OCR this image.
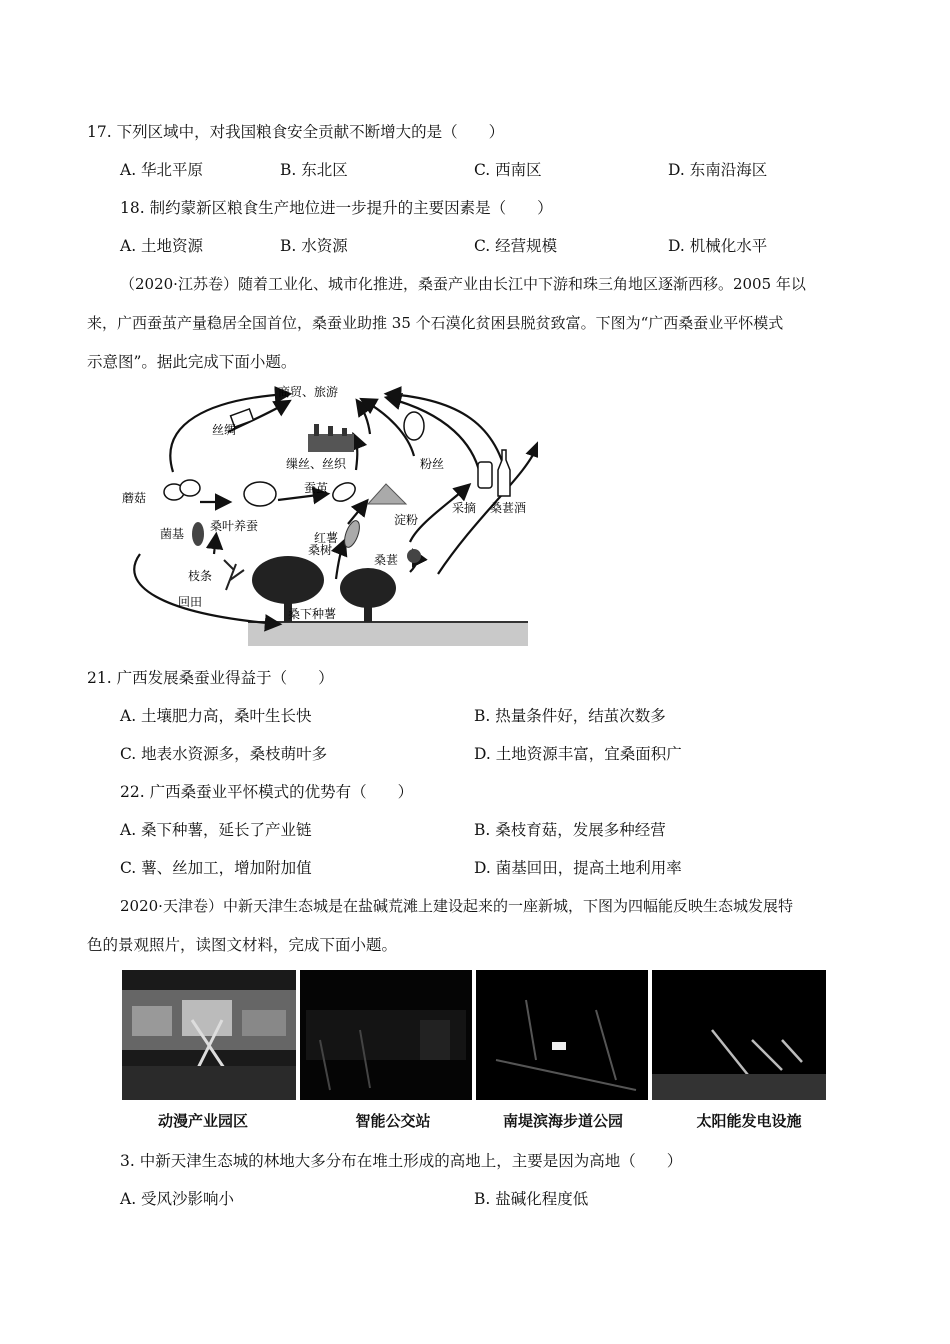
17. 下列区域中，对我国粮食安全贡献不断增大的是（　　）
A. 华北平原	B. 东北区	C. 西南区	D. 东南沿海区
18. 制约蒙新区粮食生产地位进一步提升的主要因素是（　　）
A. 土地资源	B. 水资源	C. 经营规模	D. 机械化水平
（2020·江苏卷）随着工业化、城市化推进，桑蚕产业由长江中下游和珠三角地区逐渐西移。2005 年以
来，广西蚕茧产量稳居全国首位，桑蚕业助推 35 个石漠化贫困县脱贫致富。下图为“广西桑蚕业平怀模式
示意图”。据此完成下面小题。
商贸、旅游
丝绸
缫丝、丝织	粉丝
蘑菇
蚕茧
桑叶养蚕	淀粉
采摘 桑葚酒
菌基	红薯
桑葚
枝条
桑树
回田
桑下种薯
21. 广西发展桑蚕业得益于（　　）
A. 土壤肥力高，桑叶生长快	B. 热量条件好，结茧次数多
C. 地表水资源多，桑枝萌叶多	D. 土地资源丰富，宜桑面积广
22. 广西桑蚕业平怀模式的优势有（　　）
A. 桑下种薯，延长了产业链	B. 桑枝育菇，发展多种经营
C. 薯、丝加工，增加附加值	D. 菌基回田，提高土地利用率
2020·天津卷）中新天津生态城是在盐碱荒滩上建设起来的一座新城，下图为四幅能反映生态城发展特
色的景观照片，读图文材料，完成下面小题。
动漫产业园区	智能公交站	南堤滨海步道公园	太阳能发电设施
3. 中新天津生态城的林地大多分布在堆土形成的高地上，主要是因为高地（　　）
A. 受风沙影响小	B. 盐碱化程度低
